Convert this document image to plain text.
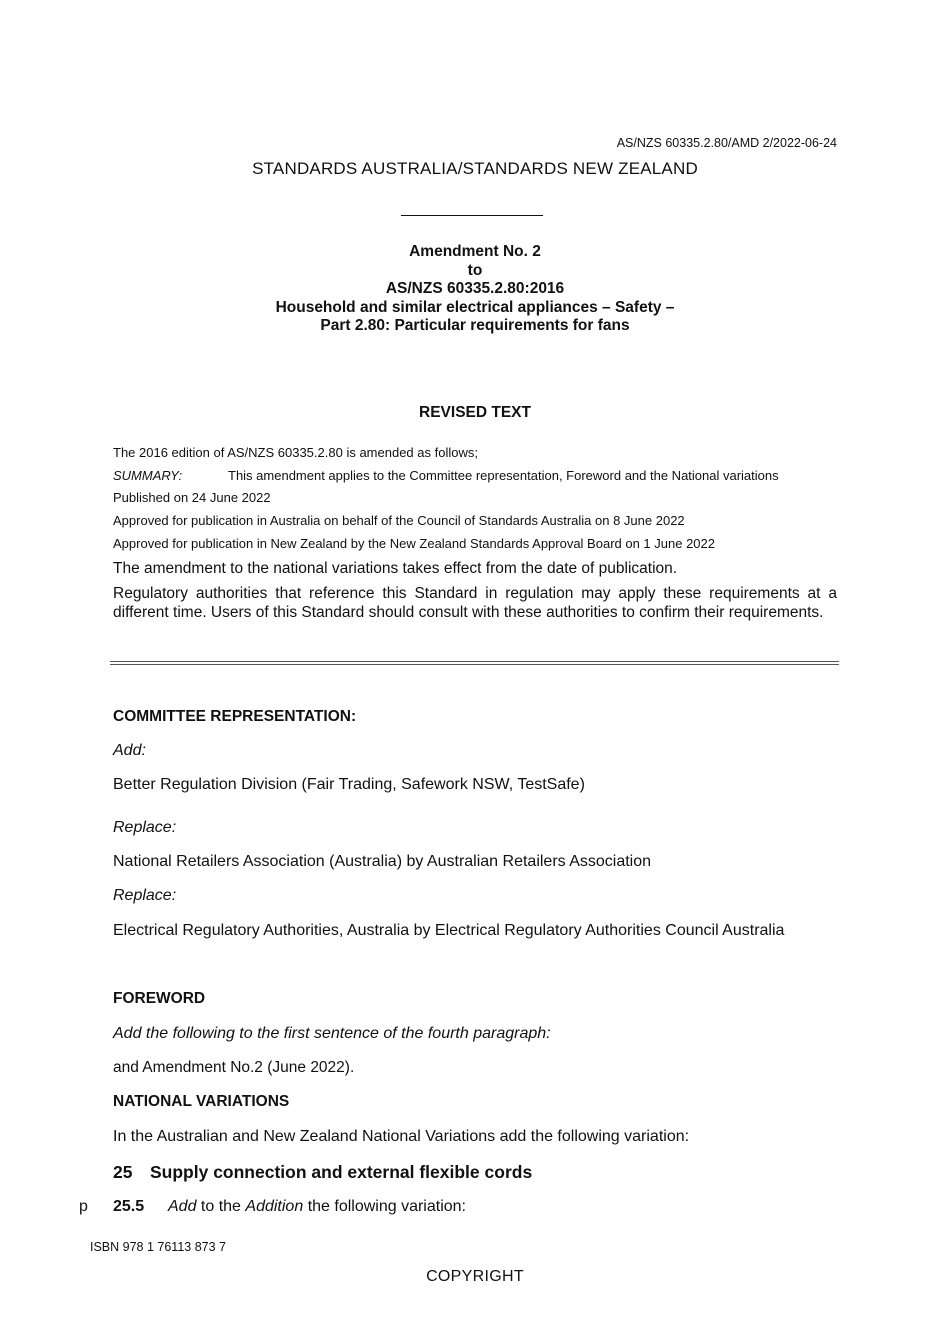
AS/NZS 60335.2.80/AMD 2/2022-06-24
STANDARDS AUSTRALIA/STANDARDS NEW ZEALAND
Amendment No. 2
to
AS/NZS 60335.2.80:2016
Household and similar electrical appliances – Safety –
Part 2.80: Particular requirements for fans
REVISED TEXT
The 2016 edition of AS/NZS 60335.2.80 is amended as follows;
SUMMARY:	This amendment applies to the Committee representation, Foreword and the National variations
Published on 24 June 2022
Approved for publication in Australia on behalf of the Council of Standards Australia on 8 June 2022
Approved for publication in New Zealand by the New Zealand Standards Approval Board on 1 June 2022
The amendment to the national variations takes effect from the date of publication.
Regulatory authorities that reference this Standard in regulation may apply these requirements at a different time. Users of this Standard should consult with these authorities to confirm their requirements.
COMMITTEE REPRESENTATION:
Add:
Better Regulation Division (Fair Trading, Safework NSW, TestSafe)
Replace:
National Retailers Association (Australia) by Australian Retailers Association
Replace:
Electrical Regulatory Authorities, Australia by Electrical Regulatory Authorities Council Australia
FOREWORD
Add the following to the first sentence of the fourth paragraph:
and Amendment No.2 (June 2022).
NATIONAL VARIATIONS
In the Australian and New Zealand National Variations add the following variation:
25 Supply connection and external flexible cords
p 25.5 Add to the Addition the following variation:
ISBN 978 1 76113 873 7
COPYRIGHT
